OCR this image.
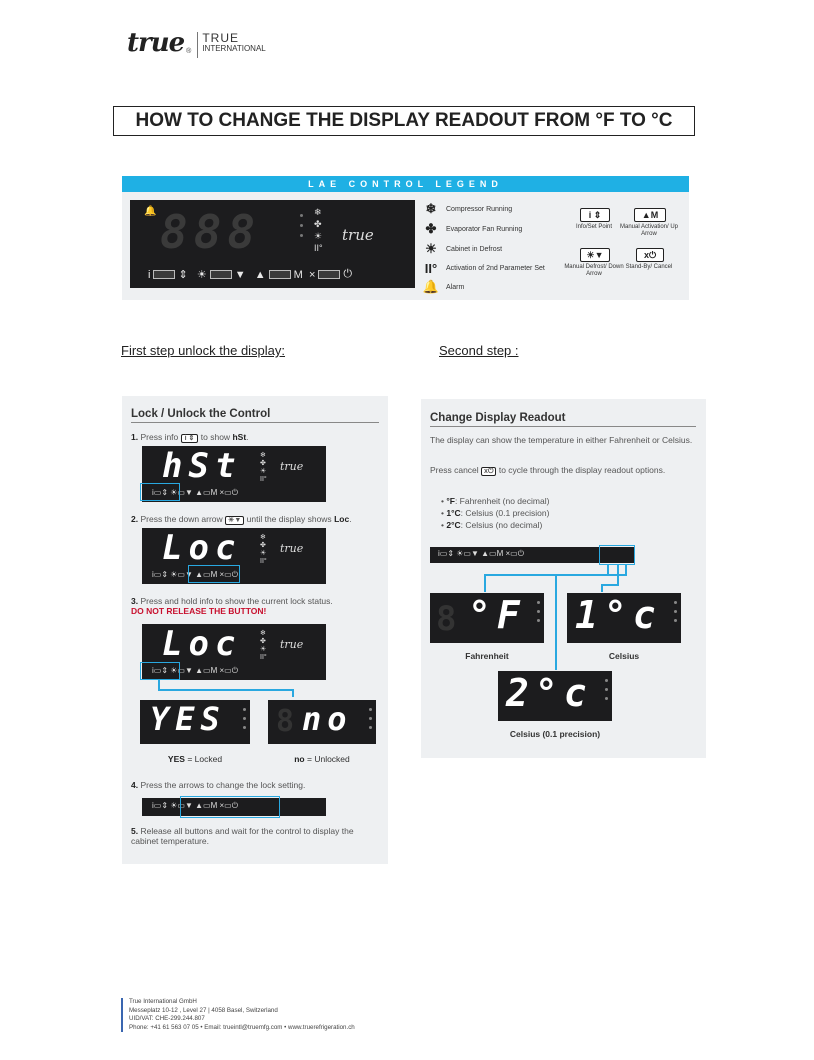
true ®
TRUE
INTERNATIONAL
HOW TO CHANGE THE DISPLAY READOUT FROM °F TO °C
LAE CONTROL LEGEND
🔔 888	❄
✤
☀
II°
true
i	⇕   ☀	▼   ▲	M
×	⏻
❄	Compressor Running
✤	Evaporator Fan Running
☀	Cabinet in Defrost
II°	Activation of 2nd Parameter Set
🔔 Alarm
i ⇕
Info/Set Point
▲M
Manual Activation/ Up Arrow
☀▼
Manual Defrost/ Down Arrow
x⏻
Stand-By/ Cancel
First step unlock the display:	Second step :
Lock / Unlock the Control
1. Press info i ⇕ to show hSt.
hSt	❄
✤
☀
II°
true
i▭⇕ ☀▭▼ ▲▭M ×▭⏻
2. Press the down arrow ☀▼ until the display shows Loc.
Loc	❄
✤
☀
II°
true
i▭⇕ ☀▭▼ ▲▭M ×▭⏻
3. Press and hold info to show the current lock status.
DO NOT RELEASE THE BUTTON!
Loc	❄
✤
☀
II°
true
i▭⇕ ☀▭▼ ▲▭M ×▭⏻
YES 8 no
YES = Locked	no = Unlocked
4. Press the arrows to change the lock setting.
i▭⇕ ☀▭▼ ▲▭M ×▭⏻
5. Release all buttons and wait for the control to display the cabinet temperature.
Change Display Readout
The display can show the temperature in either Fahrenheit or Celsius.
Press cancel x⏻ to cycle through the display readout options.
• °F: Fahrenheit (no decimal)
• 1°C: Celsius (0.1 precision)
• 2°C: Celsius (no decimal)
i▭⇕ ☀▭▼ ▲▭M ×▭⏻
8 °F 1°c
Fahrenheit	Celsius
2°c
Celsius (0.1 precision)
True International GmbH
Messeplatz 10-12 , Level 27 | 4058 Basel, Switzerland
UID/VAT: CHE-299.244.807
Phone: +41 61 563 07 05 • Email: trueintl@truemfg.com • www.truerefrigeration.ch
